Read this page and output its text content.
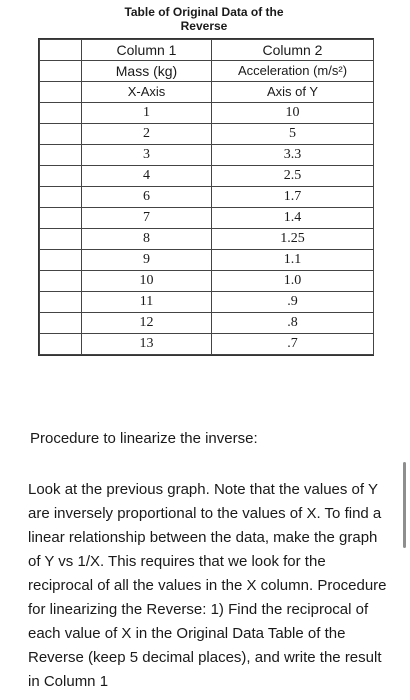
Table of Original Data of the
Reverse
	Column 1	Column 2
	Mass (kg)	Acceleration (m/s²)
	X-Axis	Axis of Y
	1	10
	2	5
	3	3.3
	4	2.5
	6	1.7
	7	1.4
	8	1.25
	9	1.1
	10	1.0
	11	.9
	12	.8
	13	.7
Procedure to linearize the inverse:
Look at the previous graph. Note that the values of Y are inversely proportional to the values of X. To find a linear relationship between the data, make the graph of Y vs 1/X. This requires that we look for the reciprocal of all the values in the X column. Procedure for linearizing the Reverse: 1) Find the reciprocal of each value of X in the Original Data Table of the Reverse (keep 5 decimal places), and write the result in Column 1
